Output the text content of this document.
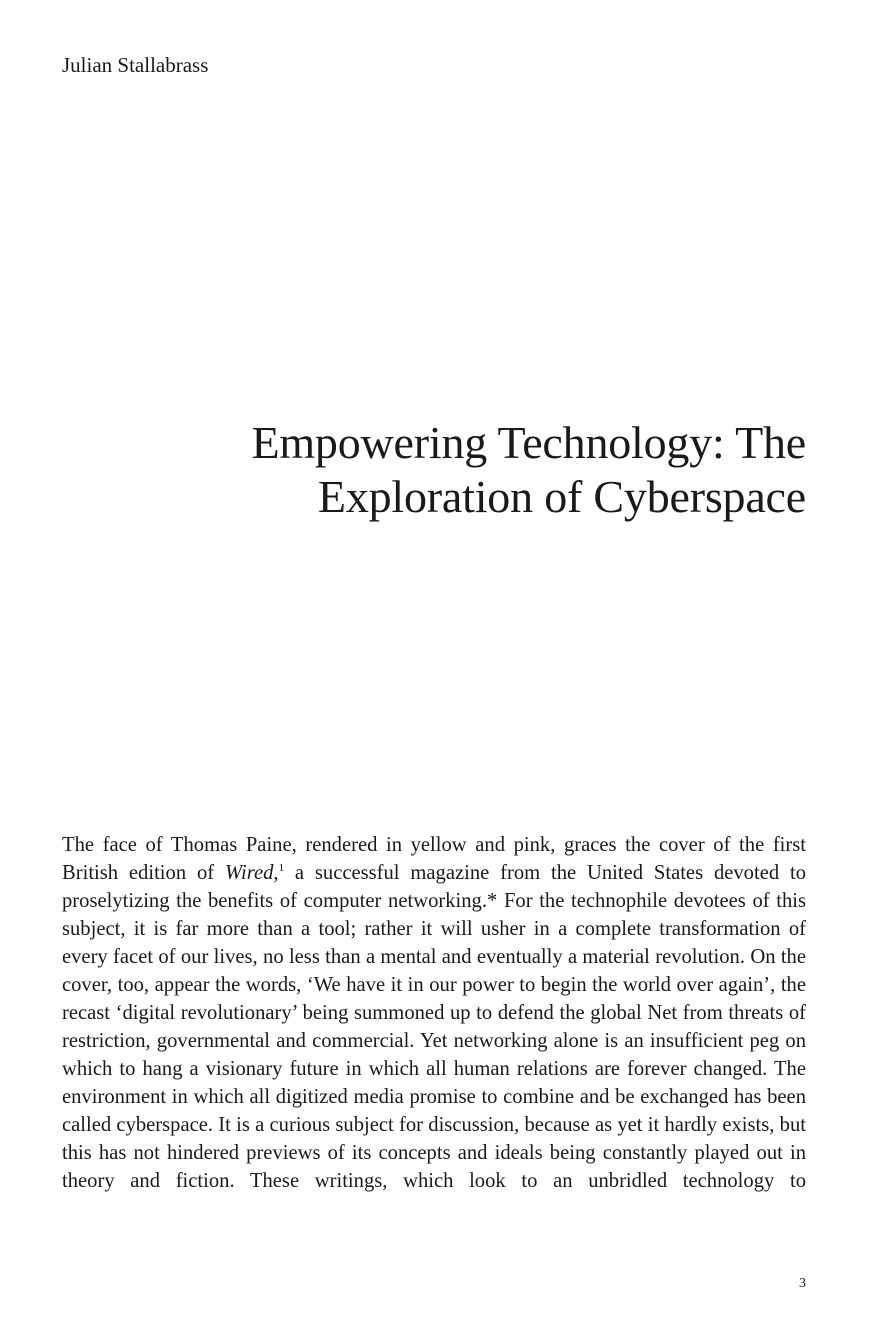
Julian Stallabrass

Empowering Technology: The
Exploration of Cyberspace

The face of Thomas Paine, rendered in yellow and pink, graces the cover of the first British edition of Wired,$^1$ a successful magazine from the United States devoted to proselytizing the benefits of computer networking.* For the technophile devotees of this subject, it is far more than a tool; rather it will usher in a complete transformation of every facet of our lives, no less than a mental and eventually a material revolution. On the cover, too, appear the words, ‘We have it in our power to begin the world over again’, the recast ‘digital revolutionary’ being summoned up to defend the global Net from threats of restriction, governmental and commercial. Yet networking alone is an insufficient peg on which to hang a visionary future in which all human relations are forever changed. The environment in which all digitized media promise to combine and be exchanged has been called cyberspace. It is a curious subject for discussion, because as yet it hardly exists, but this has not hindered previews of its concepts and ideals being constantly played out in theory and fiction. These writings, which look to an unbridled technology to

3
